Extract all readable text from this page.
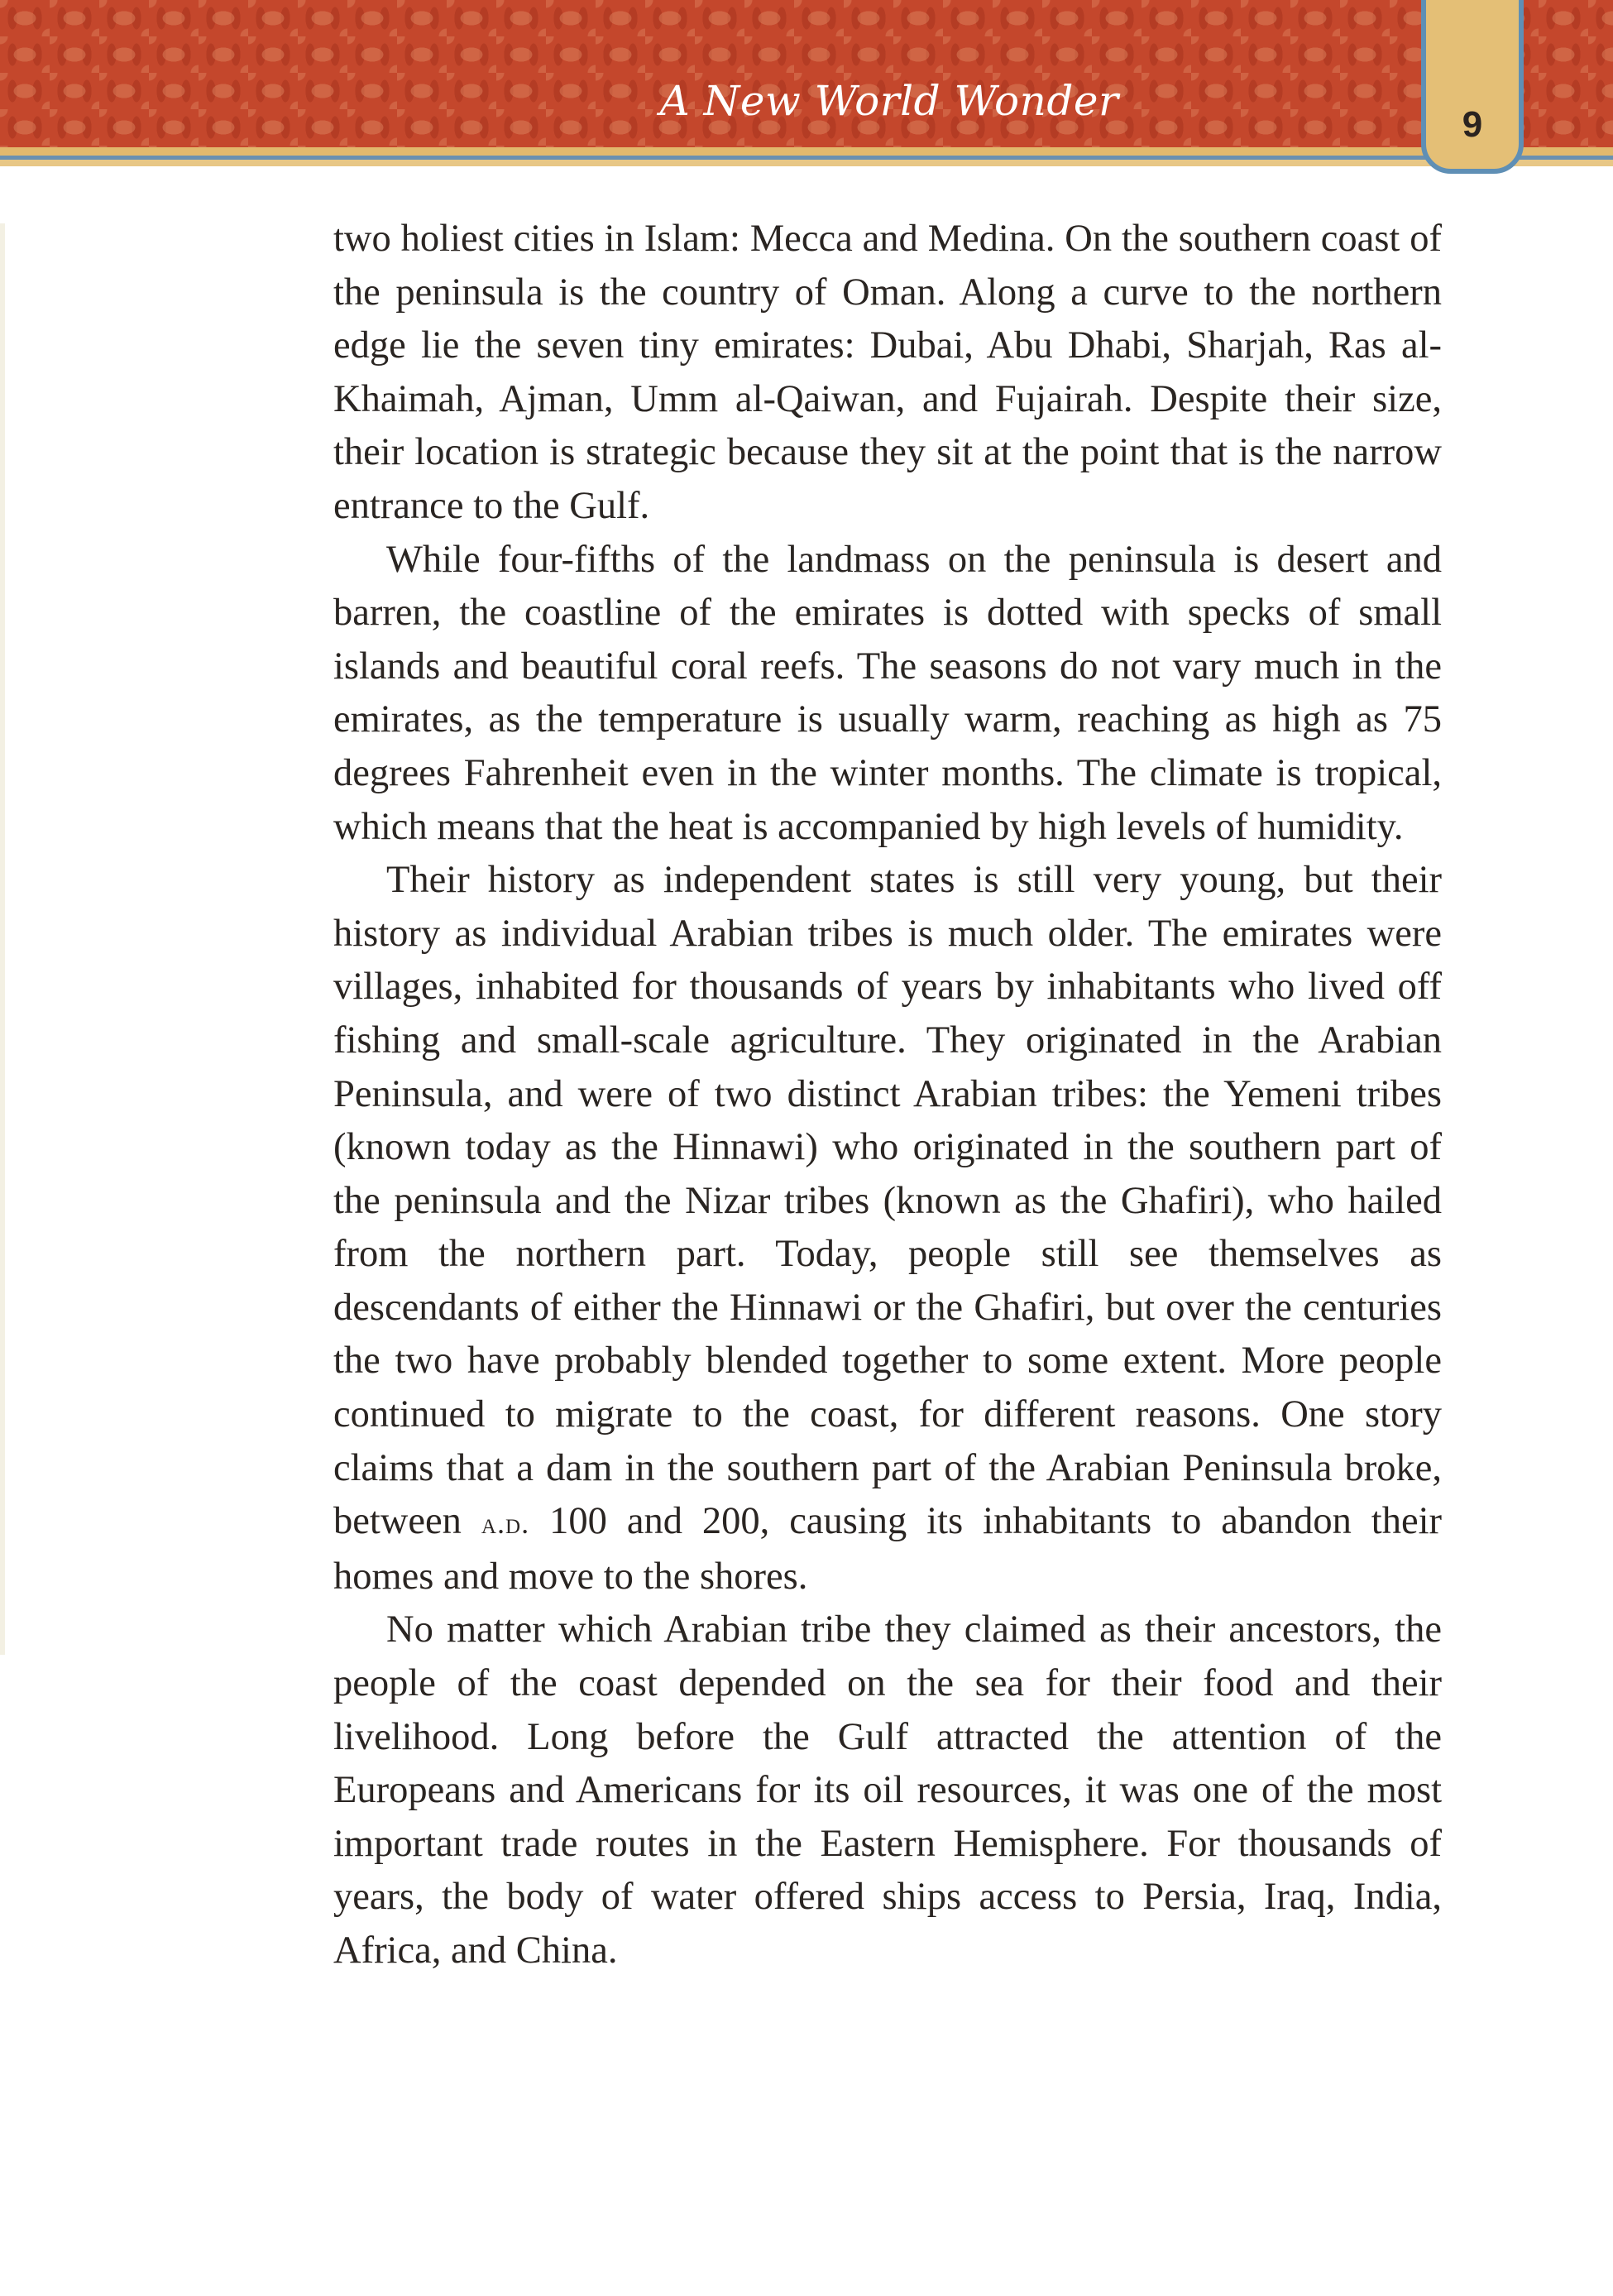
A New World Wonder	9

two holiest cities in Islam: Mecca and Medina. On the southern coast of the peninsula is the country of Oman. Along a curve to the northern edge lie the seven tiny emirates: Dubai, Abu Dhabi, Sharjah, Ras al-Khaimah, Ajman, Umm al-Qaiwan, and Fujairah. Despite their size, their location is strategic because they sit at the point that is the narrow entrance to the Gulf.

While four-fifths of the landmass on the peninsula is desert and barren, the coastline of the emirates is dotted with specks of small islands and beautiful coral reefs. The seasons do not vary much in the emirates, as the temperature is usually warm, reaching as high as 75 degrees Fahrenheit even in the winter months. The climate is tropical, which means that the heat is accompanied by high levels of humidity.

Their history as independent states is still very young, but their history as individual Arabian tribes is much older. The emirates were villages, inhabited for thousands of years by inhabitants who lived off fishing and small-scale agriculture. They originated in the Arabian Peninsula, and were of two distinct Arabian tribes: the Yemeni tribes (known today as the Hinnawi) who originated in the southern part of the peninsula and the Nizar tribes (known as the Ghafiri), who hailed from the northern part. Today, people still see themselves as descendants of either the Hinnawi or the Ghafiri, but over the centuries the two have probably blended together to some extent. More people continued to migrate to the coast, for different reasons. One story claims that a dam in the southern part of the Arabian Peninsula broke, between a.d. 100 and 200, causing its inhabitants to abandon their homes and move to the shores.

No matter which Arabian tribe they claimed as their ancestors, the people of the coast depended on the sea for their food and their livelihood. Long before the Gulf attracted the attention of the Europeans and Americans for its oil resources, it was one of the most important trade routes in the Eastern Hemisphere. For thousands of years, the body of water offered ships access to Persia, Iraq, India, Africa, and China.
